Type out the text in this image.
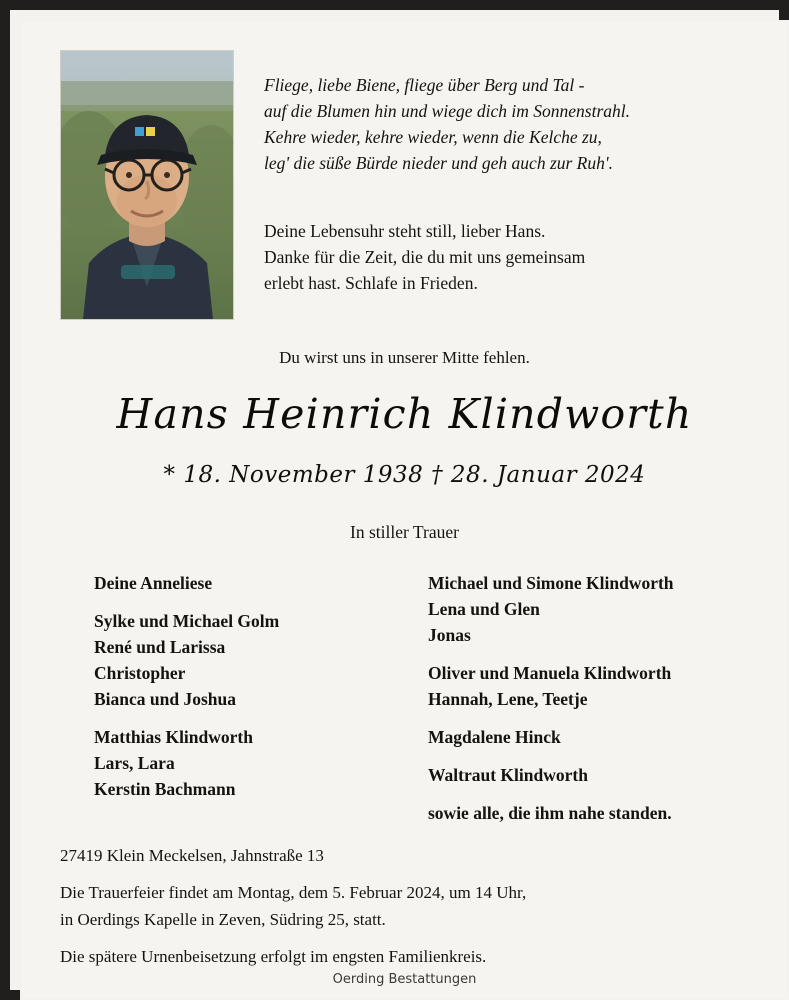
Fliege, liebe Biene, fliege über Berg und Tal -
auf die Blumen hin und wiege dich im Sonnenstrahl.
Kehre wieder, kehre wieder, wenn die Kelche zu,
leg' die süße Bürde nieder und geh auch zur Ruh'.
Deine Lebensuhr steht still, lieber Hans.
Danke für die Zeit, die du mit uns gemeinsam
erlebt hast. Schlafe in Frieden.
Du wirst uns in unserer Mitte fehlen.
Hans Heinrich Klindworth
* 18. November 1938 † 28. Januar 2024
In stiller Trauer
Deine Anneliese
Sylke und Michael Golm
René und Larissa
Christopher
Bianca und Joshua
Matthias Klindworth
Lars, Lara
Kerstin Bachmann
Michael und Simone Klindworth
Lena und Glen
Jonas
Oliver und Manuela Klindworth
Hannah, Lene, Teetje
Magdalene Hinck
Waltraut Klindworth
sowie alle, die ihm nahe standen.
27419 Klein Meckelsen, Jahnstraße 13
Die Trauerfeier findet am Montag, dem 5. Februar 2024, um 14 Uhr,
in Oerdings Kapelle in Zeven, Südring 25, statt.
Die spätere Urnenbeisetzung erfolgt im engsten Familienkreis.
Oerding Bestattungen
